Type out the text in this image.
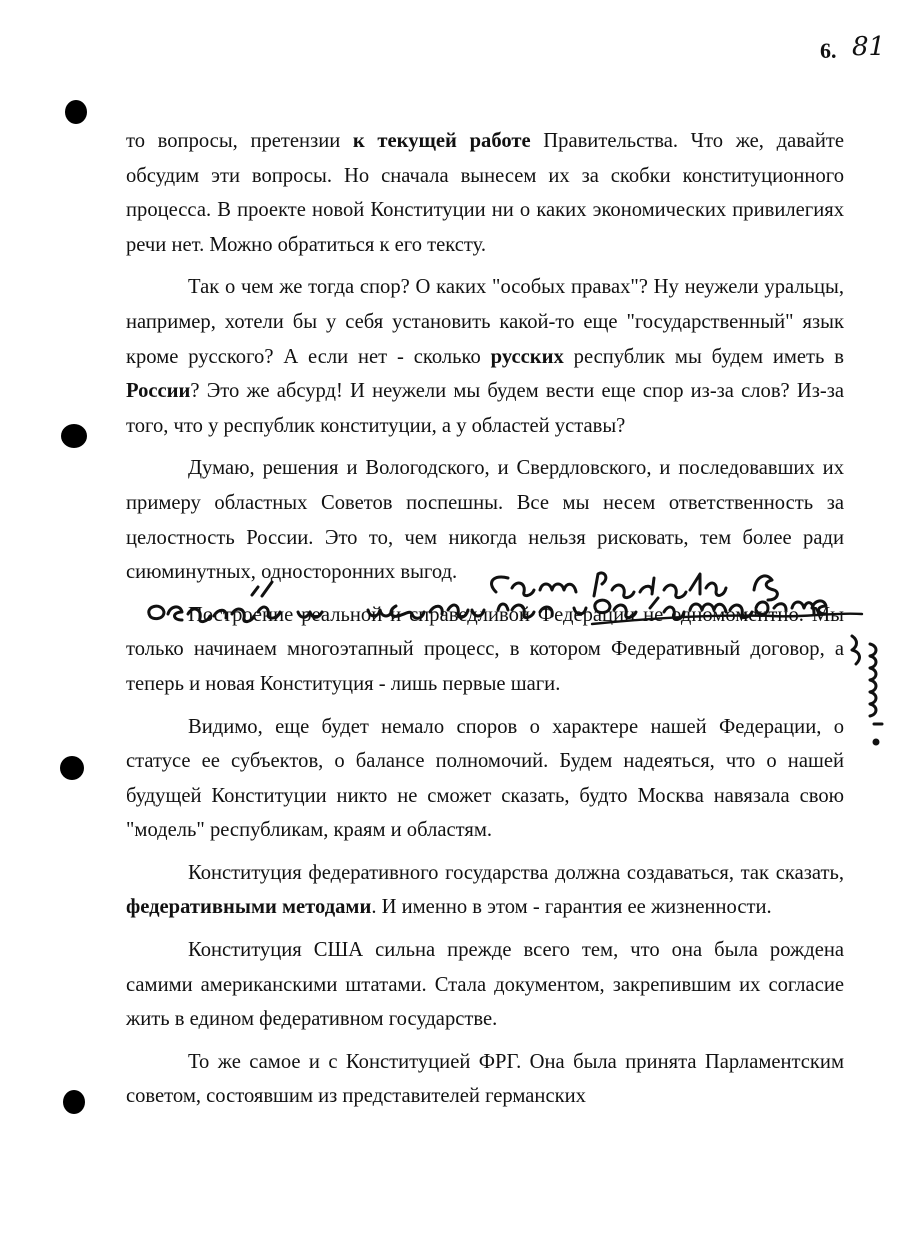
6. 81

то вопросы, претензии к текущей работе Правительства. Что же, давайте обсудим эти вопросы. Но сначала вынесем их за скобки конституционного процесса. В проекте новой Конституции ни о каких экономических привилегиях речи нет. Можно обратиться к его тексту.

Так о чем же тогда спор? О каких "особых правах"? Ну неужели уральцы, например, хотели бы у себя установить какой-то еще "государственный" язык кроме русского? А если нет - сколько русских республик мы будем иметь в России? Это же абсурд! И неужели мы будем вести еще спор из-за слов? Из-за того, что у республик конституции, а у областей уставы?

Думаю, решения и Вологодского, и Свердловского, и последовавших их примеру областных Советов поспешны. Все мы несем ответственность за целостность России. Это то, чем никогда нельзя рисковать, тем более ради сиюминутных, односторонних выгод.

Построение реальной и справедливой Федерации не одномоментно. Мы только начинаем многоэтапный процесс, в котором Федеративный договор, а теперь и новая Конституция - лишь первые шаги.

Видимо, еще будет немало споров о характере нашей Федерации, о статусе ее субъектов, о балансе полномочий. Будем надеяться, что о нашей будущей Конституции никто не сможет сказать, будто Москва навязала свою "модель" республикам, краям и областям.

Конституция федеративного государства должна создаваться, так сказать, федеративными методами. И именно в этом - гарантия ее жизненности.

Конституция США сильна прежде всего тем, что она была рождена самими американскими штатами. Стала документом, закрепившим их согласие жить в едином федеративном государстве.

То же самое и с Конституцией ФРГ. Она была принята Парламентским советом, состоявшим из представителей германских
